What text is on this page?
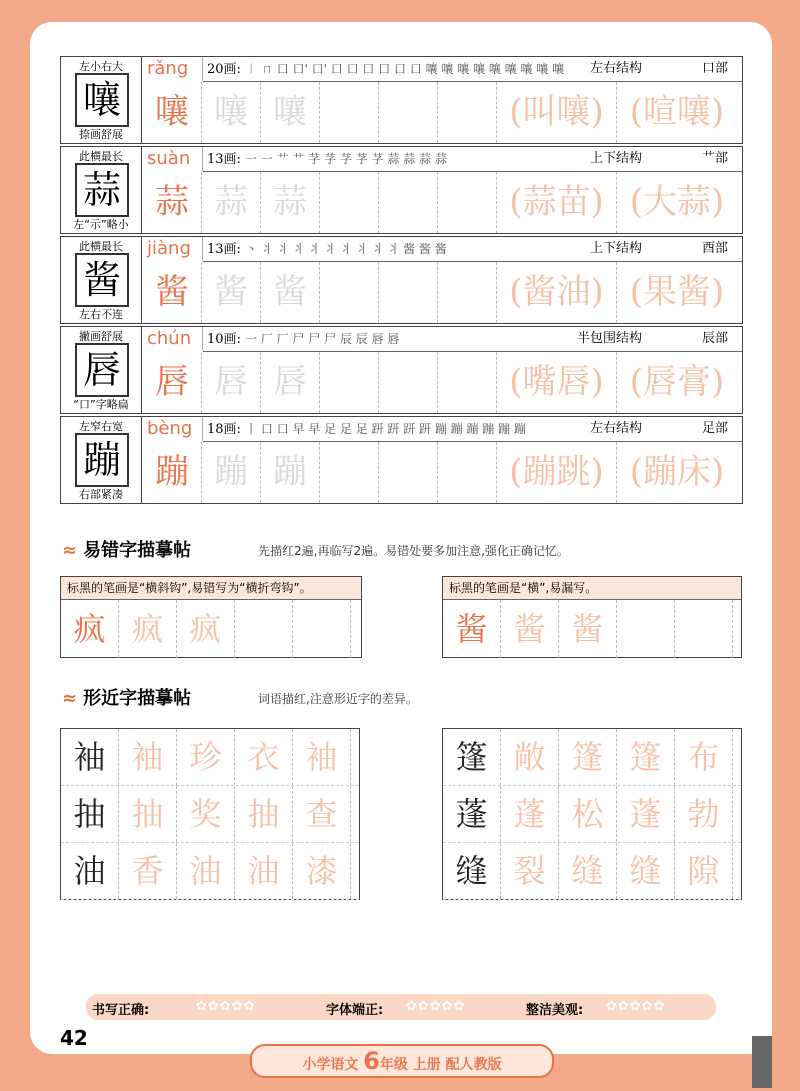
左小右大
嚷
捺画舒展
rǎng	20画: ︱ ㄇ 口 口' 口' 口 口 口 口 口 口 嚷 嚷 嚷 嚷 嚷 嚷 嚷 嚷 嚷 左右结构	口部
嚷 嚷 嚷	(叫嚷) (喧嚷)
此横最长
蒜
左“示”略小
suàn	13画: 一 一 艹 艹 芓 芓 芓 芓 芓 蒜 蒜 蒜 蒜	上下结构	艹部
蒜 蒜 蒜	(蒜苗) (大蒜)
此横最长
酱
左右不连
jiàng	13画: 丶 丬 丬 丬 丬 丬 丬 丬 丬 丬 酱 酱 酱	上下结构	酉部
酱 酱 酱	(酱油) (果酱)
撇画舒展
唇
“口”字略扁
chún	10画: 一 厂 厂 尸 尸 尸 辰 辰 唇 唇	半包围结构	辰部
唇 唇 唇	(嘴唇) (唇膏)
左窄右宽
蹦
右部紧凑
bèng	18画: 丨 口 口 早 早 足 足 足 趼 趼 趼 趼 蹦 蹦 蹦 蹦 蹦 蹦	左右结构	足部
蹦 蹦 蹦	(蹦跳) (蹦床)
≈ 易错字描摹帖	先描红2遍,再临写2遍。易错处要多加注意,强化正确记忆。
标黑的笔画是“横斜钩”,易错写为“横折弯钩”。
疯 疯 疯
标黑的笔画是“横”,易漏写。
酱 酱 酱
≈ 形近字描摹帖	词语描红,注意形近字的差异。
袖 袖 珍 衣 袖
抽 抽 奖 抽 查
油 香 油 油 漆
篷 敞 篷 篷 布
蓬 蓬 松 蓬 勃
缝 裂 缝 缝 隙
书写正确:	✿✿✿✿✿	字体端正: ✿✿✿✿✿	整洁美观: ✿✿✿✿✿
42
小学语文 6年级 上册 配人教版
